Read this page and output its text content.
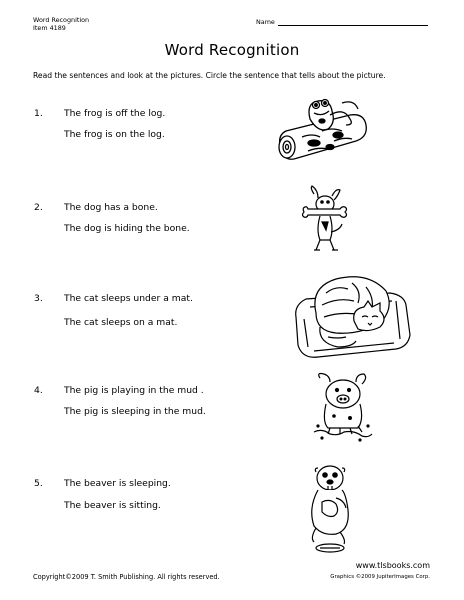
Word Recognition
Item 4189
Name
Word Recognition
Read the sentences and look at the pictures. Circle the sentence that tells about the picture.
1. The frog is off the log.
The frog is on the log.
2. The dog has a bone.
The dog is hiding the bone.
3. The cat sleeps under a mat.
The cat sleeps on a mat.
4. The pig is playing in the mud .
The pig is sleeping in the mud.
5. The beaver is sleeping.
The beaver is sitting.
Copyright©2009 T. Smith Publishing. All rights reserved.
www.tlsbooks.com
Graphics ©2009 JupiterImages Corp.
